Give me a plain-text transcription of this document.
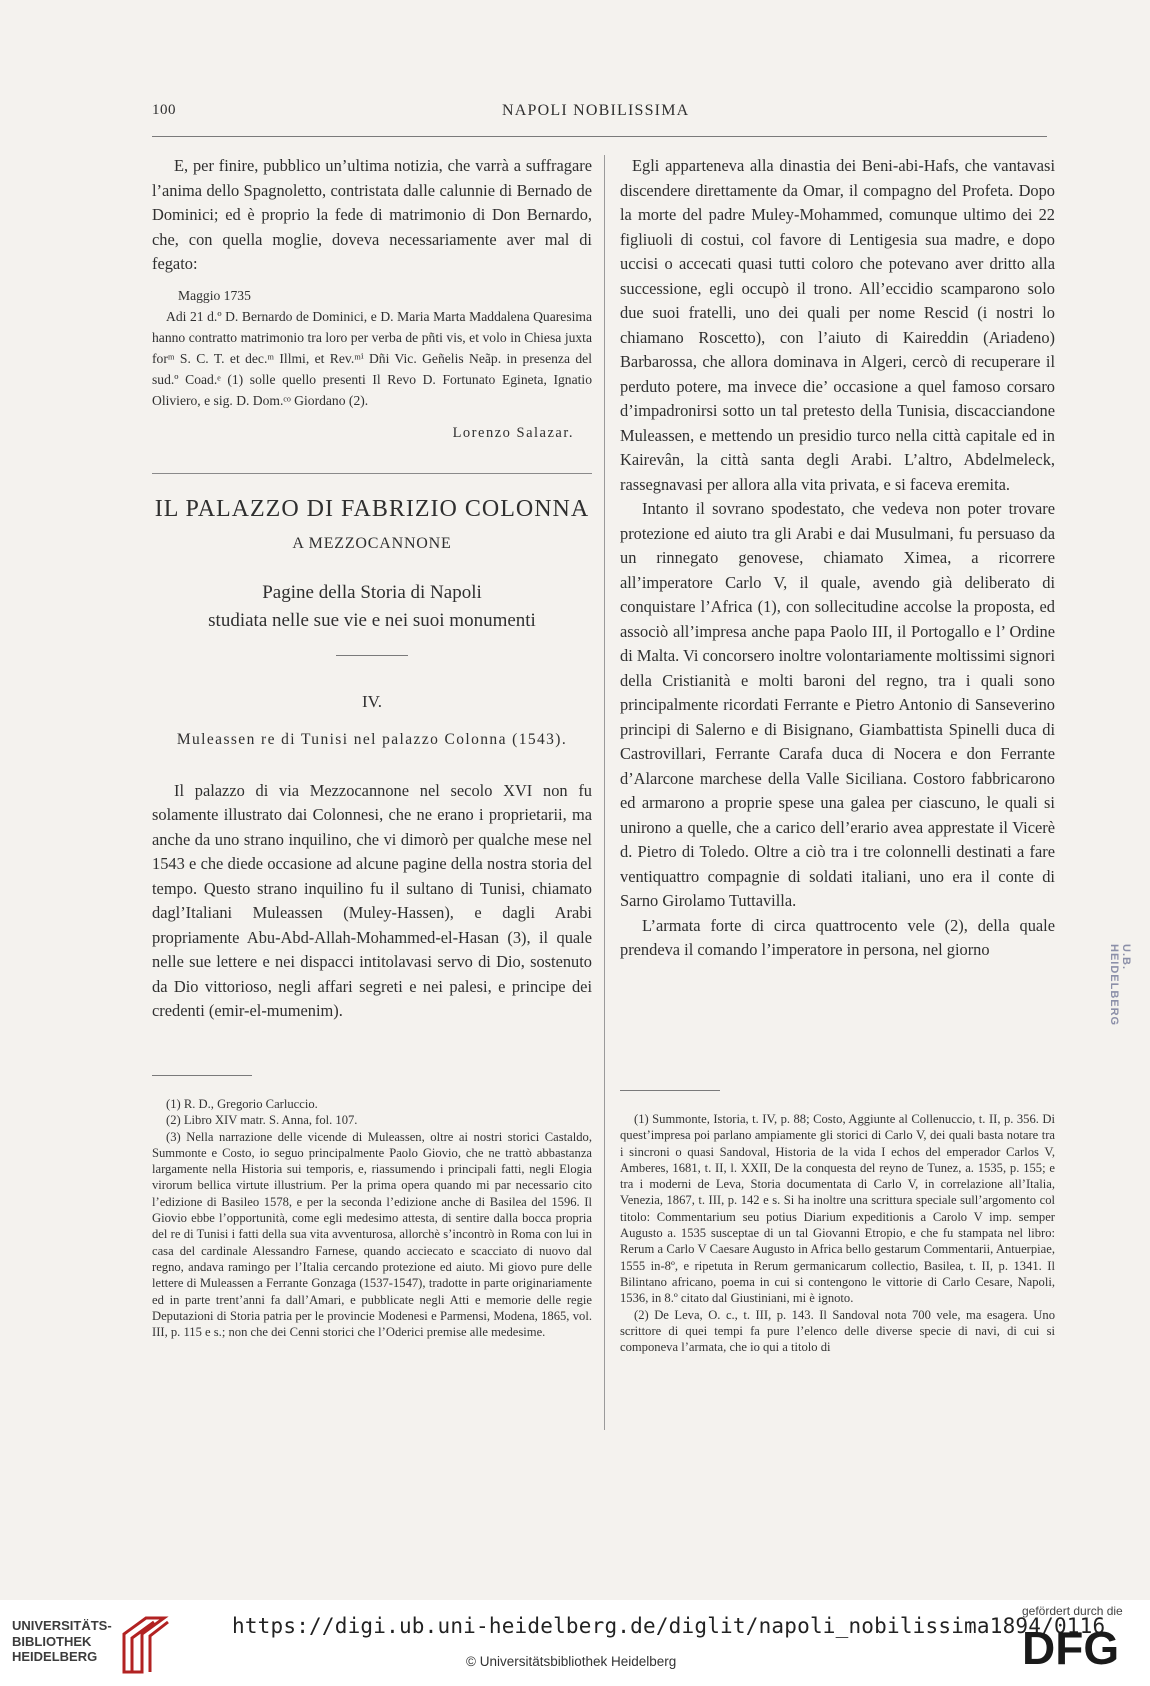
100	NAPOLI NOBILISSIMA

E, per finire, pubblico un’ultima notizia, che varrà a suffragare l’anima dello Spagnoletto, contristata dalle calunnie di Bernado de Dominici; ed è proprio la fede di matrimonio di Don Bernardo, che, con quella moglie, doveva necessariamente aver mal di fegato:

Maggio 1735

Adi 21 d.º D. Bernardo de Dominici, e D. Maria Marta Maddalena Quaresima hanno contratto matrimonio tra loro per verba de pñti vis, et volo in Chiesa juxta forᵐ S. C. T. et dec.ᵐ Illmi, et Rev.ᵐⁱ Dñi Vic. Geñelis Neãp. in presenza del sud.º Coad.ᵉ (1) solle quello presenti Il Revo D. Fortunato Egineta, Ignatio Oliviero, e sig. D. Dom.ᶜᵒ Giordano (2).

Lorenzo Salazar.
IL PALAZZO DI FABRIZIO COLONNA
A MEZZOCANNONE
Pagine della Storia di Napoli
studiata nelle sue vie e nei suoi monumenti
IV.
Muleassen re di Tunisi nel palazzo Colonna (1543).

Il palazzo di via Mezzocannone nel secolo XVI non fu solamente illustrato dai Colonnesi, che ne erano i proprietarii, ma anche da uno strano inquilino, che vi dimorò per qualche mese nel 1543 e che diede occasione ad alcune pagine della nostra storia del tempo. Questo strano inquilino fu il sultano di Tunisi, chiamato dagl’Italiani Muleassen (Muley-Hassen), e dagli Arabi propriamente Abu-Abd-Allah-Mohammed-el-Hasan (3), il quale nelle sue lettere e nei dispacci intitolavasi servo di Dio, sostenuto da Dio vittorioso, negli affari segreti e nei palesi, e principe dei credenti (emir-el-mumenim).

Egli apparteneva alla dinastia dei Beni-abi-Hafs, che vantavasi discendere direttamente da Omar, il compagno del Profeta. Dopo la morte del padre Muley-Mohammed, comunque ultimo dei 22 figliuoli di costui, col favore di Lentigesia sua madre, e dopo uccisi o accecati quasi tutti coloro che potevano aver dritto alla successione, egli occupò il trono. All’eccidio scamparono solo due suoi fratelli, uno dei quali per nome Rescid (i nostri lo chiamano Roscetto), con l’aiuto di Kaireddin (Ariadeno) Barbarossa, che allora dominava in Algeri, cercò di recuperare il perduto potere, ma invece die’ occasione a quel famoso corsaro d’impadronirsi sotto un tal pretesto della Tunisia, discacciandone Muleassen, e mettendo un presidio turco nella città capitale ed in Kairevân, la città santa degli Arabi. L’altro, Abdelmeleck, rassegnavasi per allora alla vita privata, e si faceva eremita.

Intanto il sovrano spodestato, che vedeva non poter trovare protezione ed aiuto tra gli Arabi e dai Musulmani, fu persuaso da un rinnegato genovese, chiamato Ximea, a ricorrere all’imperatore Carlo V, il quale, avendo già deliberato di conquistare l’Africa (1), con sollecitudine accolse la proposta, ed associò all’impresa anche papa Paolo III, il Portogallo e l’ Ordine di Malta. Vi concorsero inoltre volontariamente moltissimi signori della Cristianità e molti baroni del regno, tra i quali sono principalmente ricordati Ferrante e Pietro Antonio di Sanseverino principi di Salerno e di Bisignano, Giambattista Spinelli duca di Castrovillari, Ferrante Carafa duca di Nocera e don Ferrante d’Alarcone marchese della Valle Siciliana. Costoro fabbricarono ed armarono a proprie spese una galea per ciascuno, le quali si unirono a quelle, che a carico dell’erario avea apprestate il Vicerè d. Pietro di Toledo. Oltre a ciò tra i tre colonnelli destinati a fare ventiquattro compagnie di soldati italiani, uno era il conte di Sarno Girolamo Tuttavilla.

L’armata forte di circa quattrocento vele (2), della quale prendeva il comando l’imperatore in persona, nel giorno

(1) R. D., Gregorio Carluccio.

(2) Libro XIV matr. S. Anna, fol. 107.

(3) Nella narrazione delle vicende di Muleassen, oltre ai nostri storici Castaldo, Summonte e Costo, io seguo principalmente Paolo Giovio, che ne trattò abbastanza largamente nella Historia sui temporis, e, riassumendo i principali fatti, negli Elogia virorum bellica virtute illustrium. Per la prima opera quando mi par necessario cito l’edizione di Basileo 1578, e per la seconda l’edizione anche di Basilea del 1596. Il Giovio ebbe l’opportunità, come egli medesimo attesta, di sentire dalla bocca propria del re di Tunisi i fatti della sua vita avventurosa, allorchè s’incontrò in Roma con lui in casa del cardinale Alessandro Farnese, quando acciecato e scacciato di nuovo dal regno, andava ramingo per l’Italia cercando protezione ed aiuto. Mi giovo pure delle lettere di Muleassen a Ferrante Gonzaga (1537-1547), tradotte in parte originariamente ed in parte trent’anni fa dall’Amari, e pubblicate negli Atti e memorie delle regie Deputazioni di Storia patria per le provincie Modenesi e Parmensi, Modena, 1865, vol. III, p. 115 e s.; non che dei Cenni storici che l’Oderici premise alle medesime.

(1) Summonte, Istoria, t. IV, p. 88; Costo, Aggiunte al Collenuccio, t. II, p. 356. Di quest’impresa poi parlano ampiamente gli storici di Carlo V, dei quali basta notare tra i sincroni o quasi Sandoval, Historia de la vida I echos del emperador Carlos V, Amberes, 1681, t. II, l. XXII, De la conquesta del reyno de Tunez, a. 1535, p. 155; e tra i moderni de Leva, Storia documentata di Carlo V, in correlazione all’Italia, Venezia, 1867, t. III, p. 142 e s. Si ha inoltre una scrittura speciale sull’argomento col titolo: Commentarium seu potius Diarium expeditionis a Carolo V imp. semper Augusto a. 1535 susceptae di un tal Giovanni Etropio, e che fu stampata nel libro: Rerum a Carlo V Caesare Augusto in Africa bello gestarum Commentarii, Antuerpiae, 1555 in-8º, e ripetuta in Rerum germanicarum collectio, Basilea, t. II, p. 1341. Il Bilintano africano, poema in cui si contengono le vittorie di Carlo Cesare, Napoli, 1536, in 8.º citato dal Giustiniani, mi è ignoto.

(2) De Leva, O. c., t. III, p. 143. Il Sandoval nota 700 vele, ma esagera. Uno scrittore di quei tempi fa pure l’elenco delle diverse specie di navi, di cui si componeva l’armata, che io qui a titolo di

U.B. HEIDELBERG
UNIVERSITÄTS-
BIBLIOTHEK
HEIDELBERG
https://digi.ub.uni-heidelberg.de/diglit/napoli_nobilissima1894/0116
© Universitätsbibliothek Heidelberg
gefördert durch die
DFG
